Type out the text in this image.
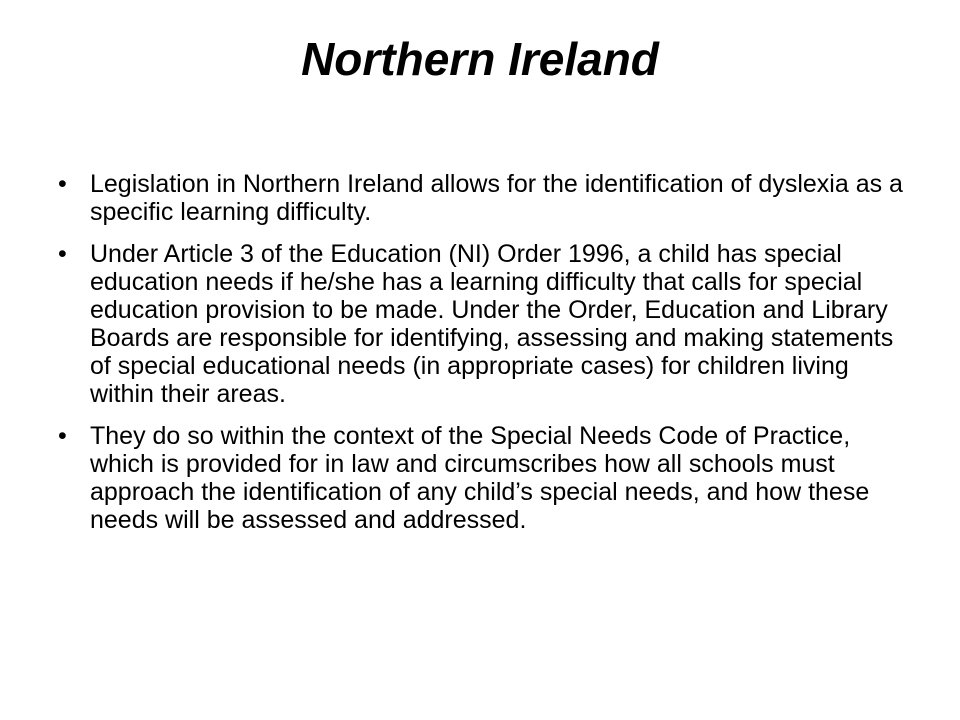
Northern Ireland
• Legislation in Northern Ireland allows for the identification of dyslexia as a specific learning difficulty.
• Under Article 3 of the Education (NI) Order 1996, a child has special education needs if he/she has a learning difficulty that calls for special education provision to be made. Under the Order, Education and Library Boards are responsible for identifying, assessing and making statements of special educational needs (in appropriate cases) for children living within their areas.
• They do so within the context of the Special Needs Code of Practice, which is provided for in law and circumscribes how all schools must approach the identification of any child’s special needs, and how these needs will be assessed and addressed.
